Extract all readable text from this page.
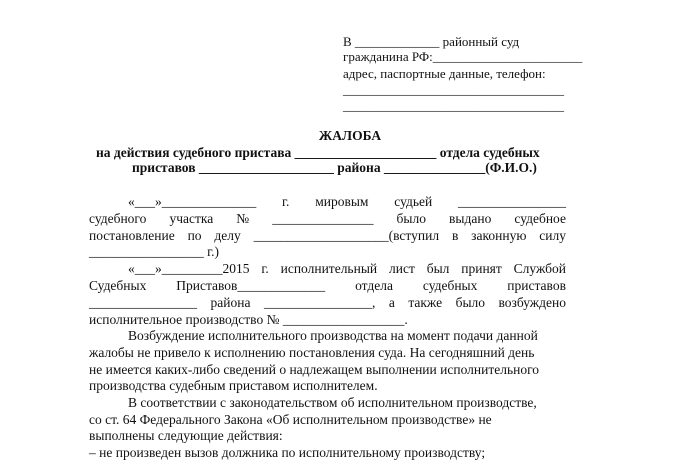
В _____________ районный суд
гражданина РФ:_______________________
адрес, паспортные данные, телефон:
__________________________________
__________________________________
ЖАЛОБА
на действия судебного пристава _____________________ отдела судебных
приставов ____________________ района _______________(Ф.И.О.)
«___»______________ г. мировым судьей ________________
судебного участка № _______________ было выдано судебное
постановление по делу ____________________(вступил в законную силу
_________________ г.)
«___»_________2015 г. исполнительный лист был принят Службой
Судебных Приставов_____________ отдела судебных приставов
________________ района ________________, а также было возбуждено
исполнительное производство № __________________.
Возбуждение исполнительного производства на момент подачи данной
жалобы не привело к исполнению постановления суда. На сегодняшний день
не имеется каких-либо сведений о надлежащем выполнении исполнительного
производства судебным приставом исполнителем.
В соответствии с законодательством об исполнительном производстве,
со ст. 64 Федерального Закона «Об исполнительном производстве» не
выполнены следующие действия:
– не произведен вызов должника по исполнительному производству;
